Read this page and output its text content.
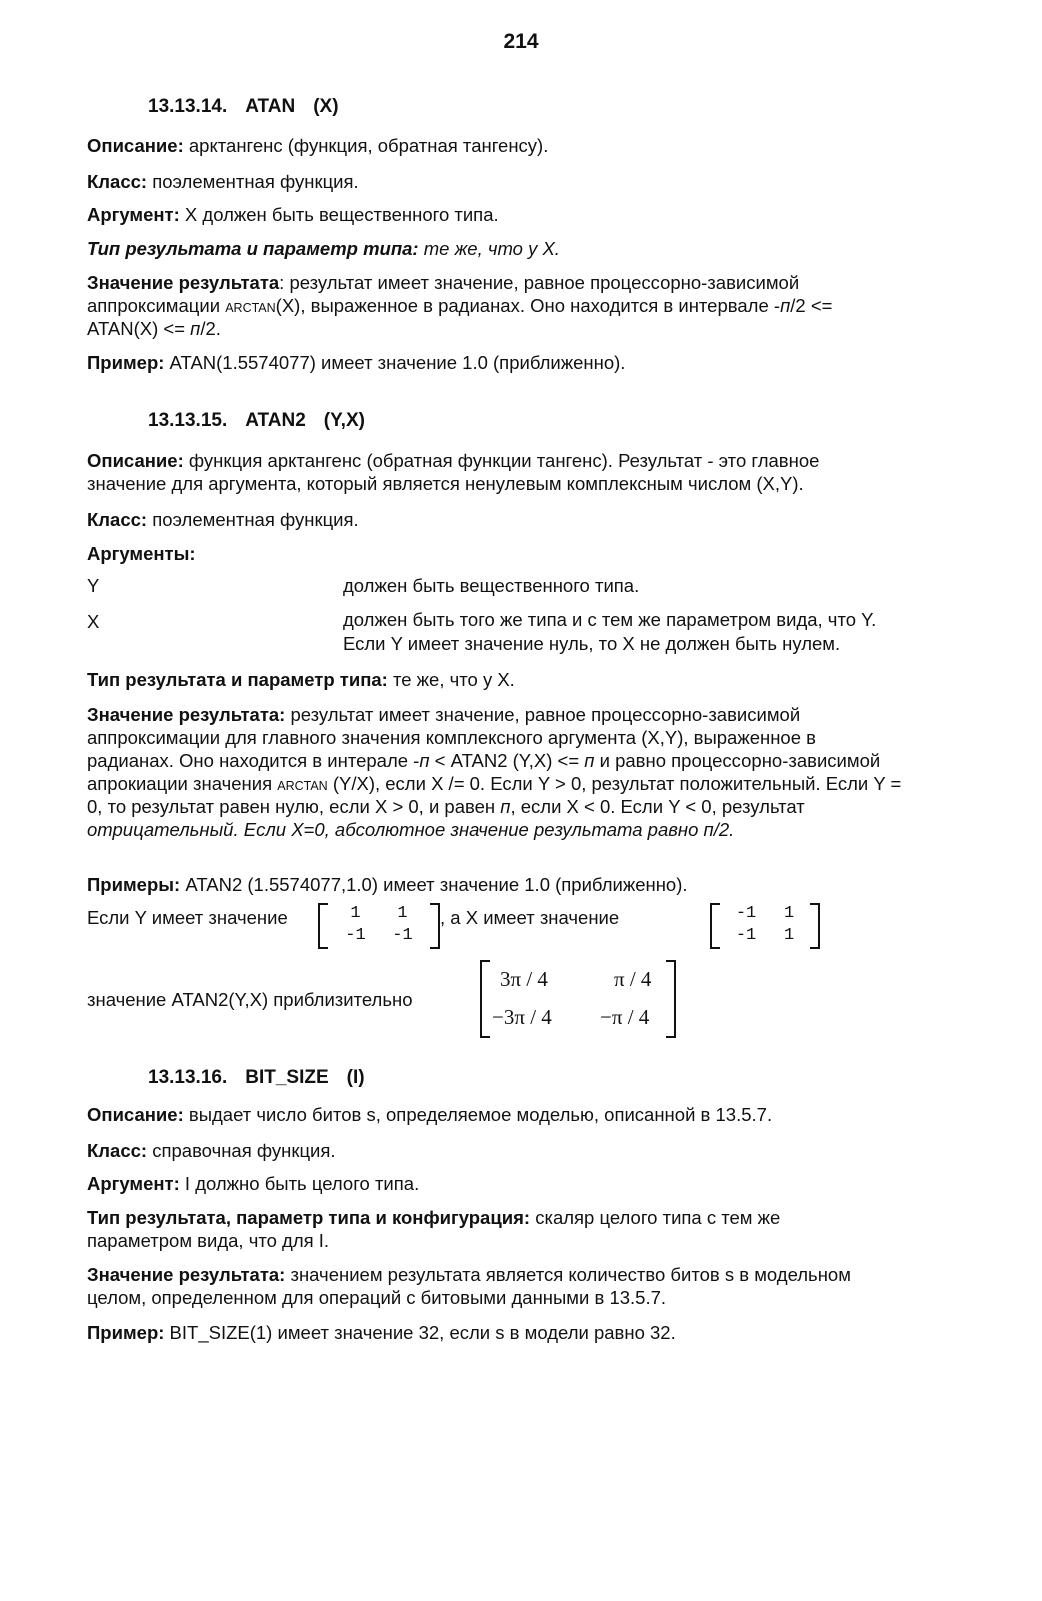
214
13.13.14. ATAN (X)
Описание: арктангенс (функция, обратная тангенсу).
Класс: поэлементная функция.
Аргумент: X должен быть вещественного типа.
Тип результата и параметр типа: те же, что у X.
Значение результата: результат имеет значение, равное процессорно-зависимой
аппроксимации ARCTAN(X), выраженное в радианах. Оно находится в интервале -п/2 <=
ATAN(X) <= п/2.
Пример: ATAN(1.5574077) имеет значение 1.0 (приближенно).
13.13.15. ATAN2 (Y,X)
Описание: функция арктангенс (обратная функции тангенс). Результат - это главное
значение для аргумента, который является ненулевым комплексным числом (X,Y).
Класс: поэлементная функция.
Аргументы:
Y	должен быть вещественного типа.
X	должен быть того же типа и с тем же параметром вида, что Y.
Если Y имеет значение нуль, то X не должен быть нулем.
Тип результата и параметр типа: те же, что у X.
Значение результата: результат имеет значение, равное процессорно-зависимой
аппроксимации для главного значения комплексного аргумента (X,Y), выраженное в
радианах. Оно находится в интерале -п < ATAN2 (Y,X) <= п и равно процессорно-зависимой
апрокиации значения ARCTAN (Y/X), если X /= 0. Если Y > 0, результат положительный. Если Y =
0, то результат равен нулю, если X > 0, и равен п, если X < 0. Если Y < 0, результат
отрицательный. Если X=0, абсолютное значение результата равно п/2.
Примеры: ATAN2 (1.5574077,1.0) имеет значение 1.0 (приближенно).
Если Y имеет значение	1 1
-1 -1
, а X имеет значение	-1 1
-1 1
значение ATAN2(Y,X) приблизительно
3π / 4	π / 4
−3π / 4	−π / 4
13.13.16. BIT_SIZE (I)
Описание: выдает число битов s, определяемое моделью, описанной в 13.5.7.
Класс: справочная функция.
Аргумент: I должно быть целого типа.
Тип результата, параметр типа и конфигурация: скаляр целого типа с тем же
параметром вида, что для I.
Значение результата: значением результата является количество битов s в модельном
целом, определенном для операций с битовыми данными в 13.5.7.
Пример: BIT_SIZE(1) имеет значение 32, если s в модели равно 32.
